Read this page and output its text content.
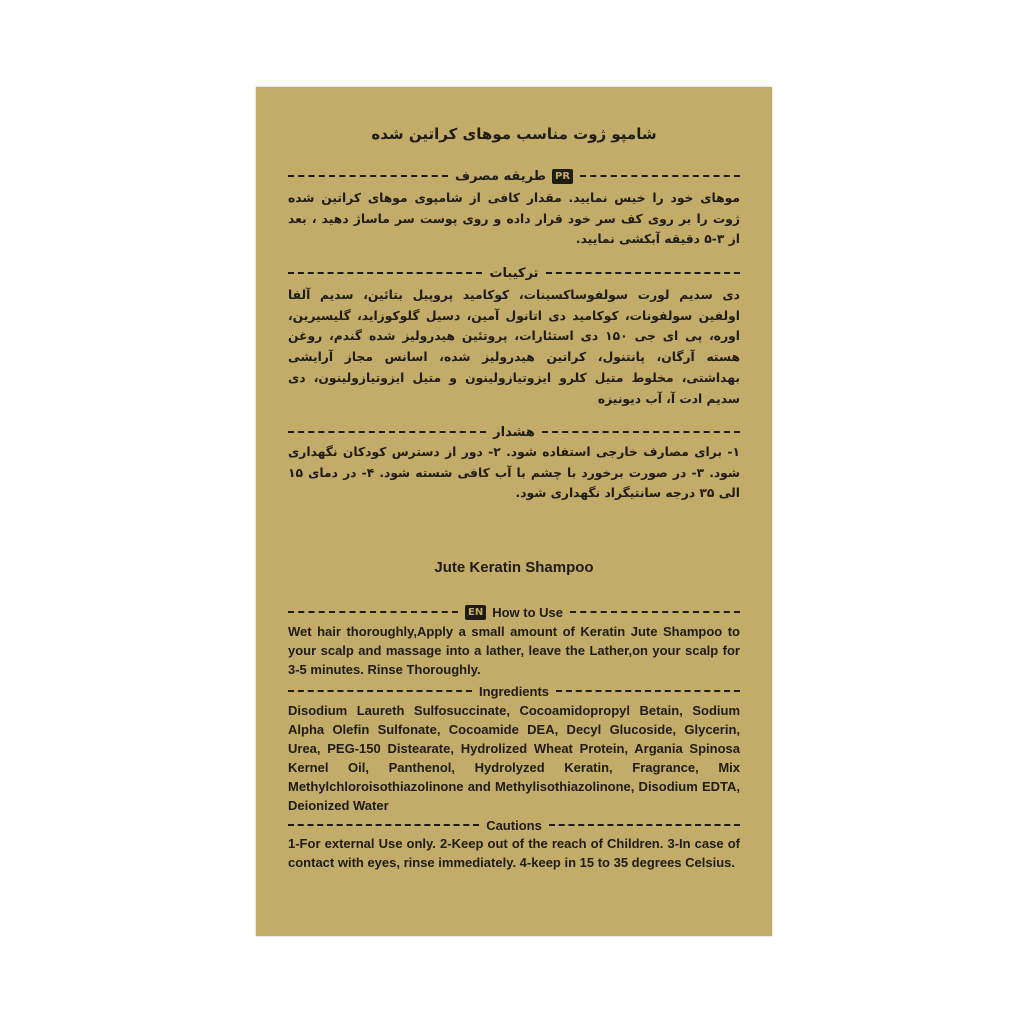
شامپو ژوت مناسب موهای کراتین شده
PR
طریقه مصرف
موهای خود را خیس نمایید. مقدار کافی از شامپوی موهای کراتین شده ژوت را بر روی کف سر خود قرار داده و روی پوست سر ماساژ دهید ، بعد از ۳-۵ دقیقه آبکشی نمایید.
ترکیبات
دی سدیم لورت سولفوساکسینات، کوکامید پروپیل بتائین، سدیم آلفا اولفین سولفونات، کوکامید دی اتانول آمین، دسیل گلوکوزاید، گلیسیرین، اوره، پی ای جی ۱۵۰ دی استئارات، پروتئین هیدرولیز شده گندم، روغن هسته آرگان، پانتنول، کراتین هیدرولیز شده، اسانس مجاز آرایشی بهداشتی، مخلوط متیل کلرو ایزوتیازولینون و متیل ایزوتیازولینون، دی سدیم ادت آ، آب دیونیزه
هشدار
۱- برای مصارف خارجی استفاده شود. ۲- دور از دسترس کودکان نگهداری شود. ۳- در صورت برخورد با چشم با آب کافی شسته شود. ۴- در دمای ۱۵ الی ۳۵ درجه سانتیگراد نگهداری شود.
Jute Keratin Shampoo
EN How to Use
Wet hair thoroughly,Apply a small amount of Keratin Jute Shampoo to your scalp and massage into a lather, leave the Lather,on your scalp for 3-5 minutes. Rinse Thoroughly.
Ingredients
Disodium Laureth Sulfosuccinate, Cocoamidopropyl Betain, Sodium Alpha Olefin Sulfonate, Cocoamide DEA, Decyl Glucoside, Glycerin, Urea, PEG-150 Distearate, Hydrolized Wheat Protein, Argania Spinosa Kernel Oil, Panthenol, Hydrolyzed Keratin, Fragrance, Mix Methylchloroisothiazolinone and Methylisothiazolinone, Disodium EDTA, Deionized Water
Cautions
1-For external Use only. 2-Keep out of the reach of Children. 3-In case of contact with eyes, rinse immediately. 4-keep in 15 to 35 degrees Celsius.
